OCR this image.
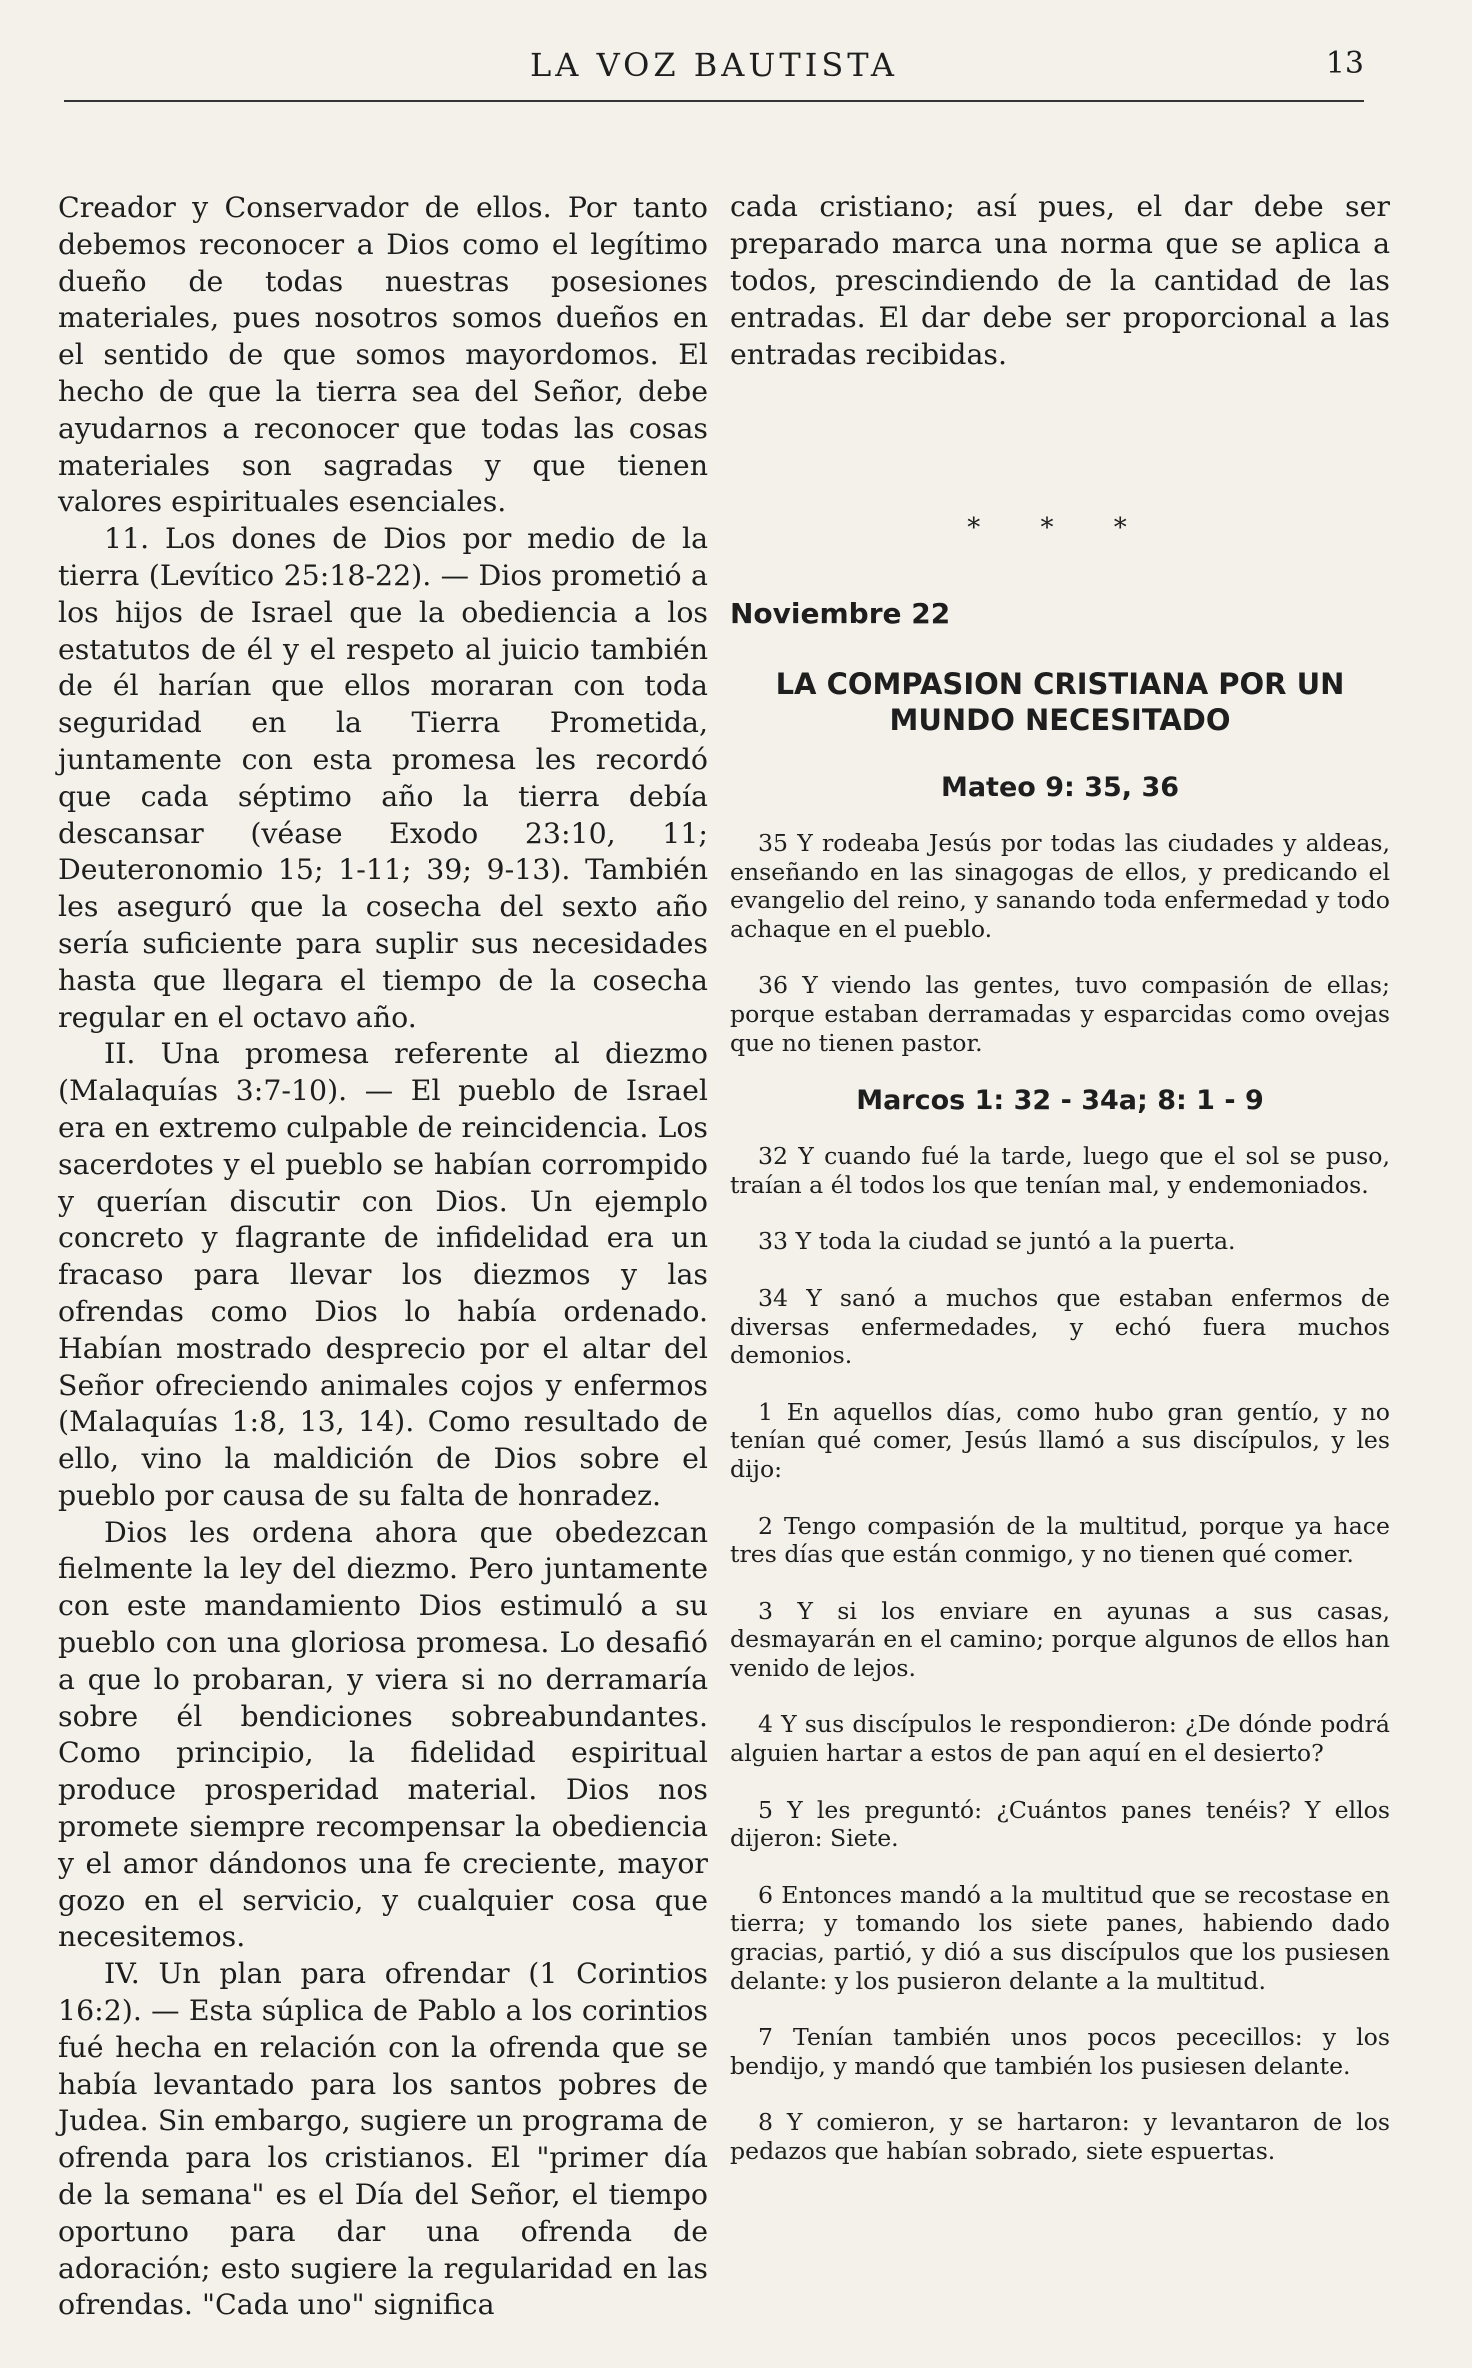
LA VOZ BAUTISTA	13

Creador y Conservador de ellos. Por tanto debemos reconocer a Dios como el legítimo dueño de todas nuestras posesiones materiales, pues nosotros somos dueños en el sentido de que somos mayordomos. El hecho de que la tierra sea del Señor, debe ayudarnos a reconocer que todas las cosas materiales son sagradas y que tienen valores espirituales esenciales.

11. Los dones de Dios por medio de la tierra (Levítico 25:18-22). — Dios prometió a los hijos de Israel que la obediencia a los estatutos de él y el respeto al juicio también de él harían que ellos moraran con toda seguridad en la Tierra Prometida, juntamente con esta promesa les recordó que cada séptimo año la tierra debía descansar (véase Exodo 23:10, 11; Deuteronomio 15; 1-11; 39; 9-13). También les aseguró que la cosecha del sexto año sería suficiente para suplir sus necesidades hasta que llegara el tiempo de la cosecha regular en el octavo año.

II. Una promesa referente al diezmo (Malaquías 3:7-10). — El pueblo de Israel era en extremo culpable de reincidencia. Los sacerdotes y el pueblo se habían corrompido y querían discutir con Dios. Un ejemplo concreto y flagrante de infidelidad era un fracaso para llevar los diezmos y las ofrendas como Dios lo había ordenado. Habían mostrado desprecio por el altar del Señor ofreciendo animales cojos y enfermos (Malaquías 1:8, 13, 14). Como resultado de ello, vino la maldición de Dios sobre el pueblo por causa de su falta de honradez.

Dios les ordena ahora que obedezcan fielmente la ley del diezmo. Pero juntamente con este mandamiento Dios estimuló a su pueblo con una gloriosa promesa. Lo desafió a que lo probaran, y viera si no derramaría sobre él bendiciones sobreabundantes. Como principio, la fidelidad espiritual produce prosperidad material. Dios nos promete siempre recompensar la obediencia y el amor dándonos una fe creciente, mayor gozo en el servicio, y cualquier cosa que necesitemos.

IV. Un plan para ofrendar (1 Corintios 16:2). — Esta súplica de Pablo a los corintios fué hecha en relación con la ofrenda que se había levantado para los santos pobres de Judea. Sin embargo, sugiere un programa de ofrenda para los cristianos. El "primer día de la semana" es el Día del Señor, el tiempo oportuno para dar una ofrenda de adoración; esto sugiere la regularidad en las ofrendas. "Cada uno" significa

cada cristiano; así pues, el dar debe ser preparado marca una norma que se aplica a todos, prescindiendo de la cantidad de las entradas. El dar debe ser proporcional a las entradas recibidas.

* * *
Noviembre 22
LA COMPASION CRISTIANA POR UN MUNDO NECESITADO
Mateo 9: 35, 36

35 Y rodeaba Jesús por todas las ciudades y aldeas, enseñando en las sinagogas de ellos, y predicando el evangelio del reino, y sanando toda enfermedad y todo achaque en el pueblo.

36 Y viendo las gentes, tuvo compasión de ellas; porque estaban derramadas y esparcidas como ovejas que no tienen pastor.

Marcos 1: 32 - 34a; 8: 1 - 9

32 Y cuando fué la tarde, luego que el sol se puso, traían a él todos los que tenían mal, y endemoniados.

33 Y toda la ciudad se juntó a la puerta.

34 Y sanó a muchos que estaban enfermos de diversas enfermedades, y echó fuera muchos demonios.

1 En aquellos días, como hubo gran gentío, y no tenían qué comer, Jesús llamó a sus discípulos, y les dijo:

2 Tengo compasión de la multitud, porque ya hace tres días que están conmigo, y no tienen qué comer.

3 Y si los enviare en ayunas a sus casas, desmayarán en el camino; porque algunos de ellos han venido de lejos.

4 Y sus discípulos le respondieron: ¿De dónde podrá alguien hartar a estos de pan aquí en el desierto?

5 Y les preguntó: ¿Cuántos panes tenéis? Y ellos dijeron: Siete.

6 Entonces mandó a la multitud que se recostase en tierra; y tomando los siete panes, habiendo dado gracias, partió, y dió a sus discípulos que los pusiesen delante: y los pusieron delante a la multitud.

7 Tenían también unos pocos pececillos: y los bendijo, y mandó que también los pusiesen delante.

8 Y comieron, y se hartaron: y levantaron de los pedazos que habían sobrado, siete espuertas.
